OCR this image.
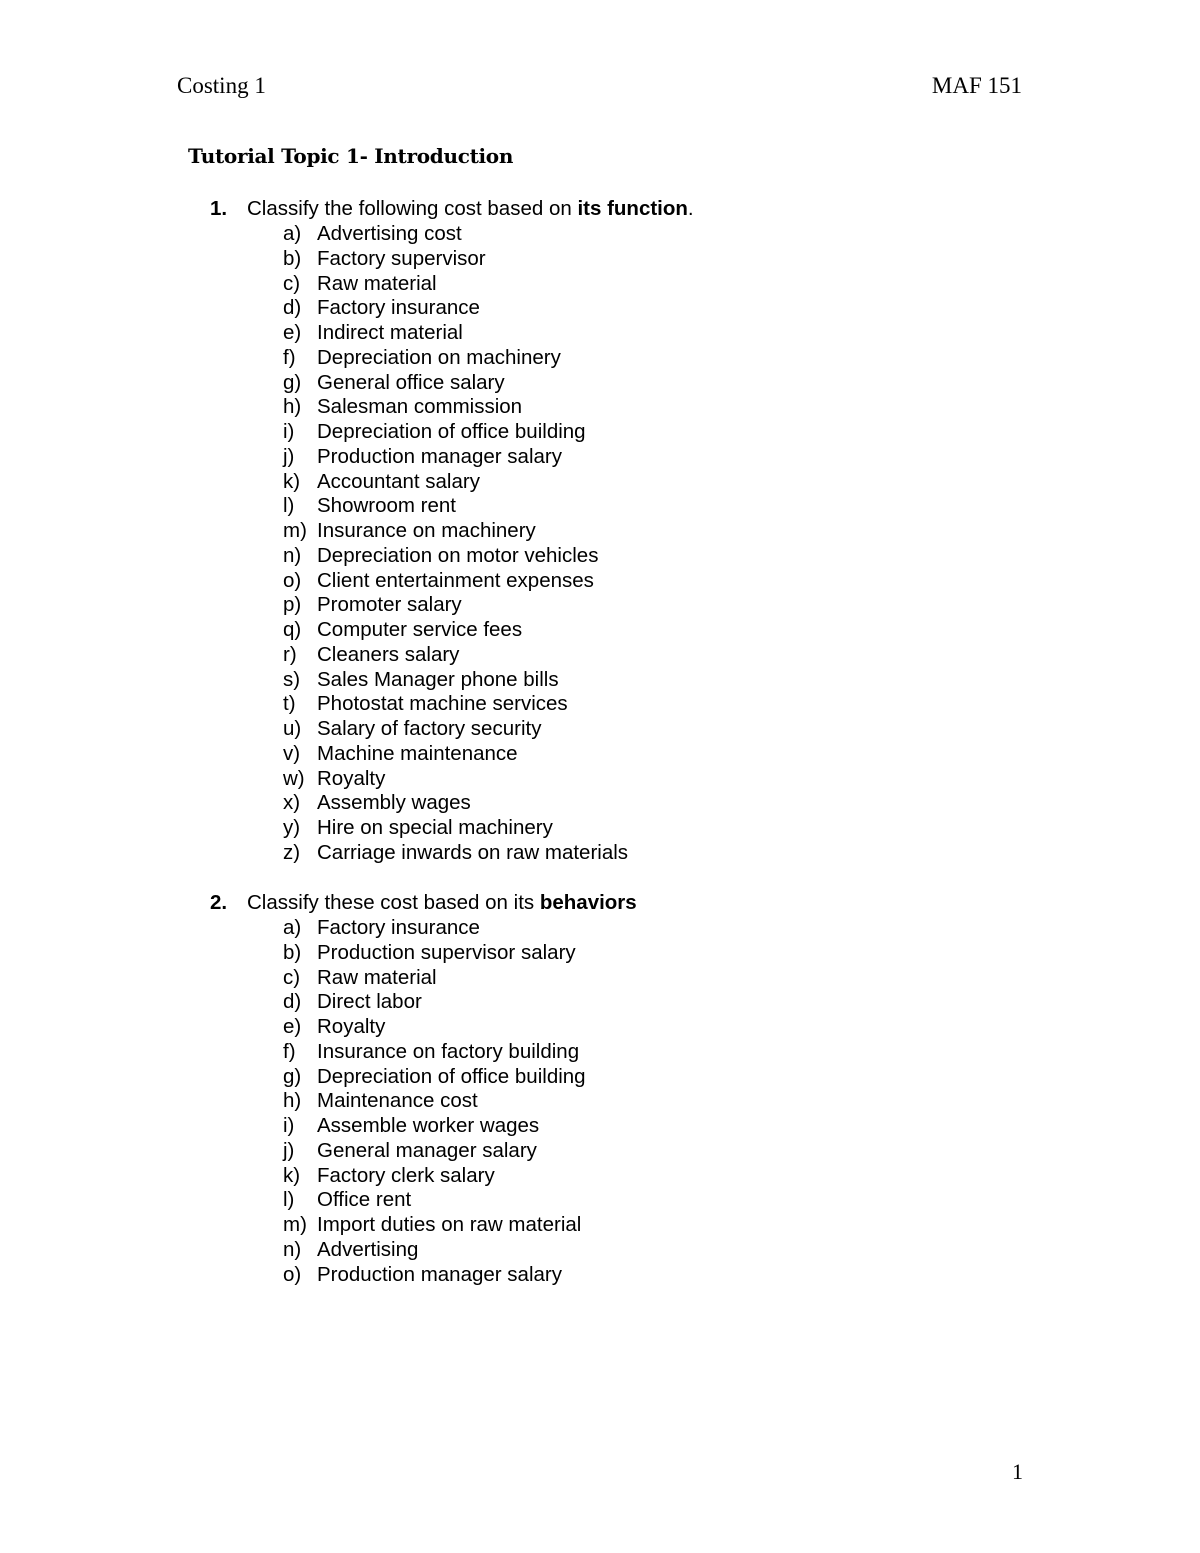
Costing 1	MAF 151
Tutorial Topic 1- Introduction
1. Classify the following cost based on its function.
a) Advertising cost
b) Factory supervisor
c) Raw material
d) Factory insurance
e) Indirect material
f) Depreciation on machinery
g) General office salary
h) Salesman commission
i) Depreciation of office building
j) Production manager salary
k) Accountant salary
l) Showroom rent
m) Insurance on machinery
n) Depreciation on motor vehicles
o) Client entertainment expenses
p) Promoter salary
q) Computer service fees
r) Cleaners salary
s) Sales Manager phone bills
t) Photostat machine services
u) Salary of factory security
v) Machine maintenance
w) Royalty
x) Assembly wages
y) Hire on special machinery
z) Carriage inwards on raw materials
2. Classify these cost based on its behaviors
a) Factory insurance
b) Production supervisor salary
c) Raw material
d) Direct labor
e) Royalty
f) Insurance on factory building
g) Depreciation of office building
h) Maintenance cost
i) Assemble worker wages
j) General manager salary
k) Factory clerk salary
l) Office rent
m) Import duties on raw material
n) Advertising
o) Production manager salary
1
